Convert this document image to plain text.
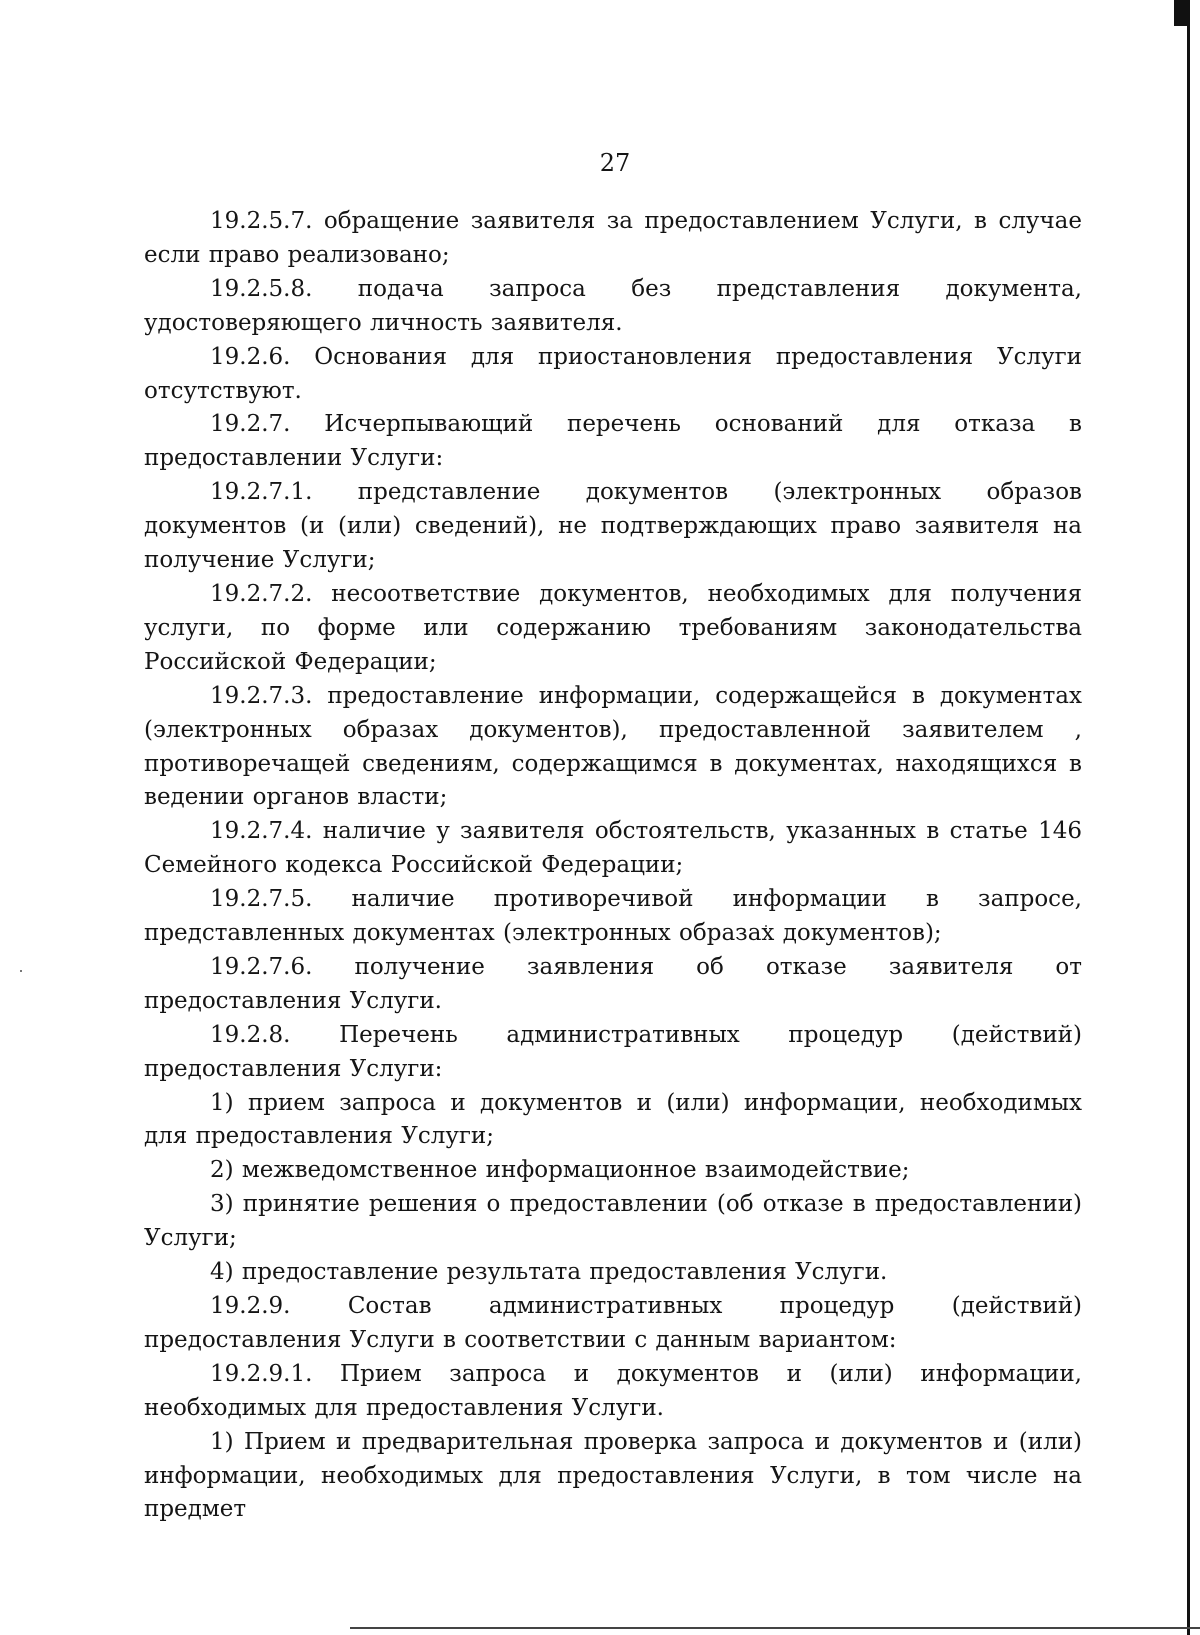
27

19.2.5.7. обращение заявителя за предоставлением Услуги, в случае если право реализовано;

19.2.5.8. подача запроса без представления документа, удостоверяющего личность заявителя.

19.2.6. Основания для приостановления предоставления Услуги отсутствуют.

19.2.7. Исчерпывающий перечень оснований для отказа в предоставлении Услуги:

19.2.7.1. представление документов (электронных образов документов (и (или) сведений), не подтверждающих право заявителя на получение Услуги;

19.2.7.2. несоответствие документов, необходимых для получения услуги, по форме или содержанию требованиям законодательства Российской Федерации;

19.2.7.3. предоставление информации, содержащейся в документах (электронных образах документов), предоставленной заявителем , противоречащей сведениям, содержащимся в документах, находящихся в ведении органов власти;

19.2.7.4. наличие у заявителя обстоятельств, указанных в статье 146 Семейного кодекса Российской Федерации;

19.2.7.5. наличие противоречивой информации в запросе, представленных документах (электронных образах документов);

19.2.7.6. получение заявления об отказе заявителя от предоставления Услуги.

19.2.8. Перечень административных процедур (действий) предоставления Услуги:

1) прием запроса и документов и (или) информации, необходимых для предоставления Услуги;

2) межведомственное информационное взаимодействие;

3) принятие решения о предоставлении (об отказе в предоставлении) Услуги;

4) предоставление результата предоставления Услуги.

19.2.9. Состав административных процедур (действий) предоставления Услуги в соответствии с данным вариантом:

19.2.9.1. Прием запроса и документов и (или) информации, необходимых для предоставления Услуги.

1) Прием и предварительная проверка запроса и документов и (или) информации, необходимых для предоставления Услуги, в том числе на предмет
